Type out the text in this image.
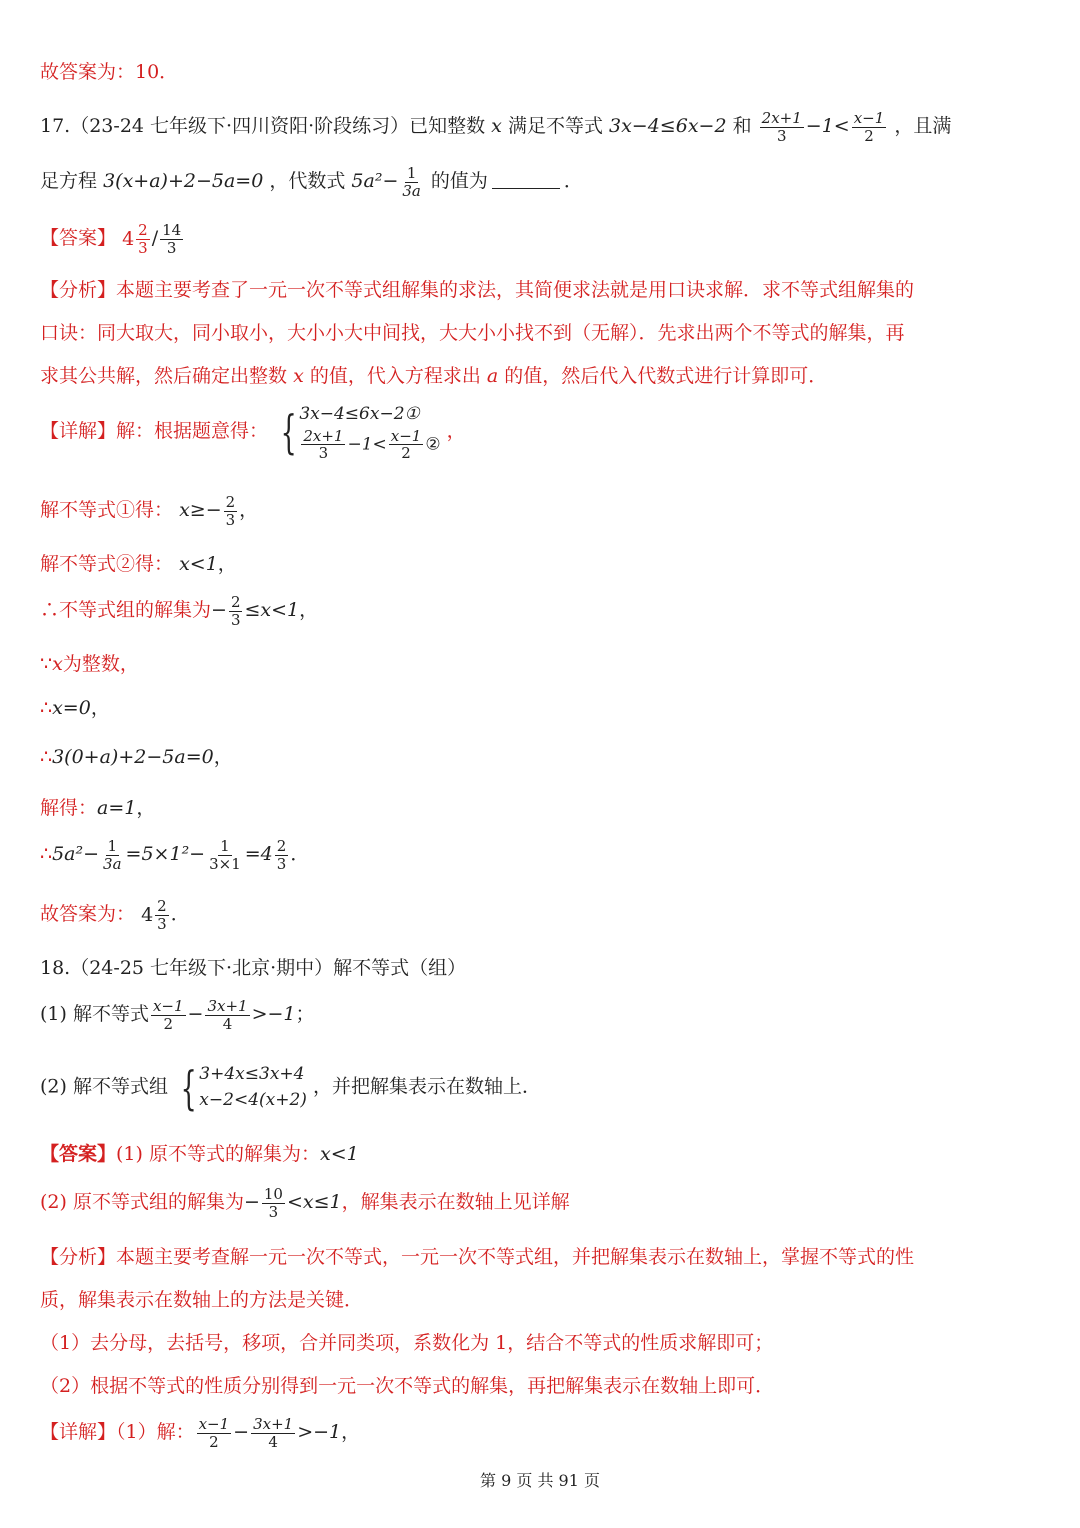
故答案为：10．
17.（23-24 七年级下·四川资阳·阶段练习）已知整数 x 满足不等式 3x−4≤6x−2 和 $\frac{2x+1}{3} -1< \frac{x-1}{2}$ ，且满
足方程 3(x+a)+2−5a=0 ，代数式 $5a^2- \frac{1}{3a}$ 的值为	．
【答案】 $4 \frac{2}{3} / \frac{14}{3}$
【分析】本题主要考查了一元一次不等式组解集的求法，其简便求法就是用口诀求解．求不等式组解集的
口诀：同大取大，同小取小，大小小大中间找，大大小小找不到（无解）．先求出两个不等式的解集，再
求其公共解，然后确定出整数 x 的值，代入方程求出 a 的值，然后代入代数式进行计算即可．
【详解】解：根据题意得： { 3x−4≤6x−2①
$\frac{2x+1}{3} -1< \frac{x-1}{2}$ ②
，
解不等式①得： $x\ge- \frac{2}{3}$ ，
解不等式②得： x<1，
∴不等式组的解集为− $\frac{2}{3} \le x<1$，
∵x为整数，
∴x=0，
∴3(0+a)+2−5a=0，
解得：a=1，
∴5a²− $\frac{1}{3a} =5\times 1^2- \frac{1}{3\times 1} =4 \frac{2}{3}$ ．
故答案为： $4 \frac{2}{3}$ ．
18.（24-25 七年级下·北京·期中）解不等式（组）
(1) 解不等式 $\frac{x-1}{2} - \frac{3x+1}{4} >-1$；
(2) 解不等式组 { 3+4x≤3x+4
x−2<4(x+2)
，并把解集表示在数轴上．
【答案】(1) 原不等式的解集为：x<1
(2) 原不等式组的解集为− $\frac{10}{3} <x\le 1$，解集表示在数轴上见详解
【分析】本题主要考查解一元一次不等式，一元一次不等式组，并把解集表示在数轴上，掌握不等式的性
质，解集表示在数轴上的方法是关键．
（1）去分母，去括号，移项，合并同类项，系数化为 1，结合不等式的性质求解即可；
（2）根据不等式的性质分别得到一元一次不等式的解集，再把解集表示在数轴上即可．
【详解】（1）解： $\frac{x-1}{2} - \frac{3x+1}{4} >-1$，
第 9 页 共 91 页
